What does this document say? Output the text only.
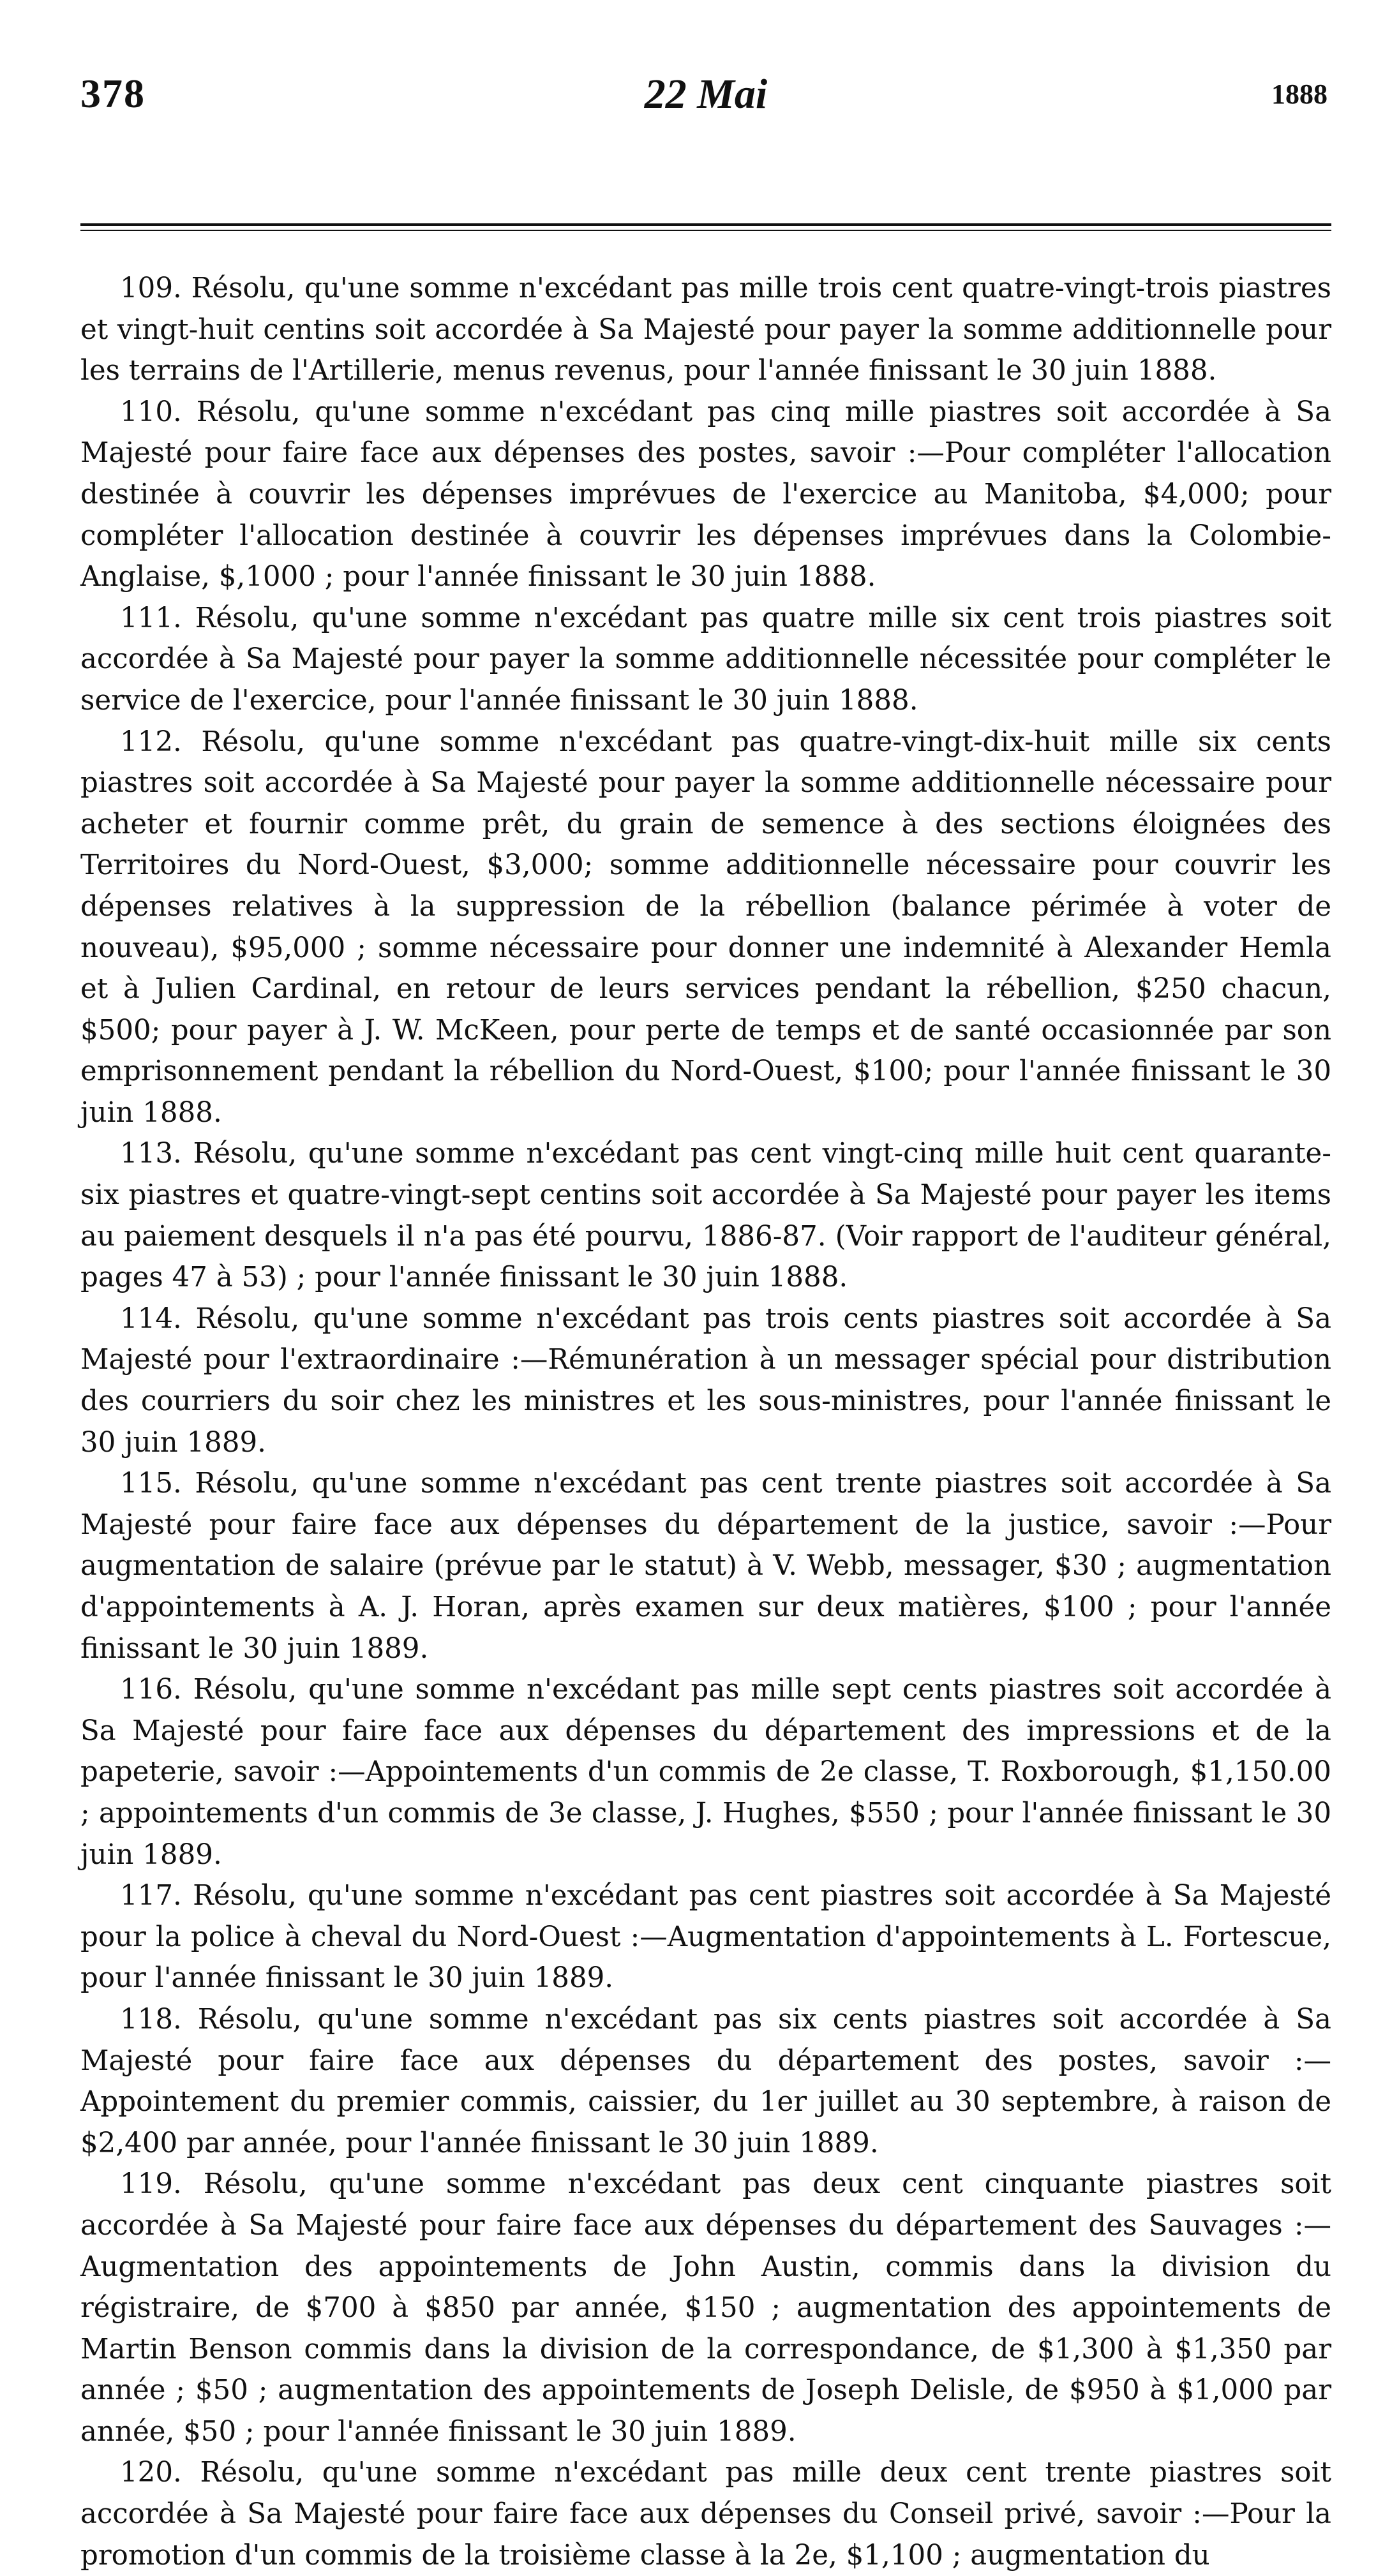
378	22 Mai	1888

109. Résolu, qu'une somme n'excédant pas mille trois cent quatre-vingt-trois piastres et vingt-huit centins soit accordée à Sa Majesté pour payer la somme additionnelle pour les terrains de l'Artillerie, menus revenus, pour l'année finissant le 30 juin 1888.

110. Résolu, qu'une somme n'excédant pas cinq mille piastres soit accordée à Sa Majesté pour faire face aux dépenses des postes, savoir :—Pour compléter l'allocation destinée à couvrir les dépenses imprévues de l'exercice au Manitoba, $4,000; pour compléter l'allocation destinée à couvrir les dépenses imprévues dans la Colombie-Anglaise, $,1000 ; pour l'année finissant le 30 juin 1888.

111. Résolu, qu'une somme n'excédant pas quatre mille six cent trois piastres soit accordée à Sa Majesté pour payer la somme additionnelle nécessitée pour compléter le service de l'exercice, pour l'année finissant le 30 juin 1888.

112. Résolu, qu'une somme n'excédant pas quatre-vingt-dix-huit mille six cents piastres soit accordée à Sa Majesté pour payer la somme additionnelle nécessaire pour acheter et fournir comme prêt, du grain de semence à des sections éloignées des Territoires du Nord-Ouest, $3,000; somme additionnelle nécessaire pour couvrir les dépenses relatives à la suppression de la rébellion (balance périmée à voter de nouveau), $95,000 ; somme nécessaire pour donner une indemnité à Alexander Hemla et à Julien Cardinal, en retour de leurs services pendant la rébellion, $250 chacun, $500; pour payer à J. W. McKeen, pour perte de temps et de santé occasionnée par son emprisonnement pendant la rébellion du Nord-Ouest, $100; pour l'année finissant le 30 juin 1888.

113. Résolu, qu'une somme n'excédant pas cent vingt-cinq mille huit cent quarante-six piastres et quatre-vingt-sept centins soit accordée à Sa Majesté pour payer les items au paiement desquels il n'a pas été pourvu, 1886-87. (Voir rapport de l'auditeur général, pages 47 à 53) ; pour l'année finissant le 30 juin 1888.

114. Résolu, qu'une somme n'excédant pas trois cents piastres soit accordée à Sa Majesté pour l'extraordinaire :—Rémunération à un messager spécial pour distribution des courriers du soir chez les ministres et les sous-ministres, pour l'année finissant le 30 juin 1889.

115. Résolu, qu'une somme n'excédant pas cent trente piastres soit accordée à Sa Majesté pour faire face aux dépenses du département de la justice, savoir :—Pour augmentation de salaire (prévue par le statut) à V. Webb, messager, $30 ; augmentation d'appointements à A. J. Horan, après examen sur deux matières, $100 ; pour l'année finissant le 30 juin 1889.

116. Résolu, qu'une somme n'excédant pas mille sept cents piastres soit accordée à Sa Majesté pour faire face aux dépenses du département des impressions et de la papeterie, savoir :—Appointements d'un commis de 2e classe, T. Roxborough, $1,150.00 ; appointements d'un commis de 3e classe, J. Hughes, $550 ; pour l'année finissant le 30 juin 1889.

117. Résolu, qu'une somme n'excédant pas cent piastres soit accordée à Sa Majesté pour la police à cheval du Nord-Ouest :—Augmentation d'appointements à L. Fortescue, pour l'année finissant le 30 juin 1889.

118. Résolu, qu'une somme n'excédant pas six cents piastres soit accordée à Sa Majesté pour faire face aux dépenses du département des postes, savoir :—Appointement du premier commis, caissier, du 1er juillet au 30 septembre, à raison de $2,400 par année, pour l'année finissant le 30 juin 1889.

119. Résolu, qu'une somme n'excédant pas deux cent cinquante piastres soit accordée à Sa Majesté pour faire face aux dépenses du département des Sauvages :— Augmentation des appointements de John Austin, commis dans la division du régistraire, de $700 à $850 par année, $150 ; augmentation des appointements de Martin Benson commis dans la division de la correspondance, de $1,300 à $1,350 par année ; $50 ; augmentation des appointements de Joseph Delisle, de $950 à $1,000 par année, $50 ; pour l'année finissant le 30 juin 1889.

120. Résolu, qu'une somme n'excédant pas mille deux cent trente piastres soit accordée à Sa Majesté pour faire face aux dépenses du Conseil privé, savoir :—Pour la promotion d'un commis de la troisième classe à la 2e, $1,100 ; augmentation du
